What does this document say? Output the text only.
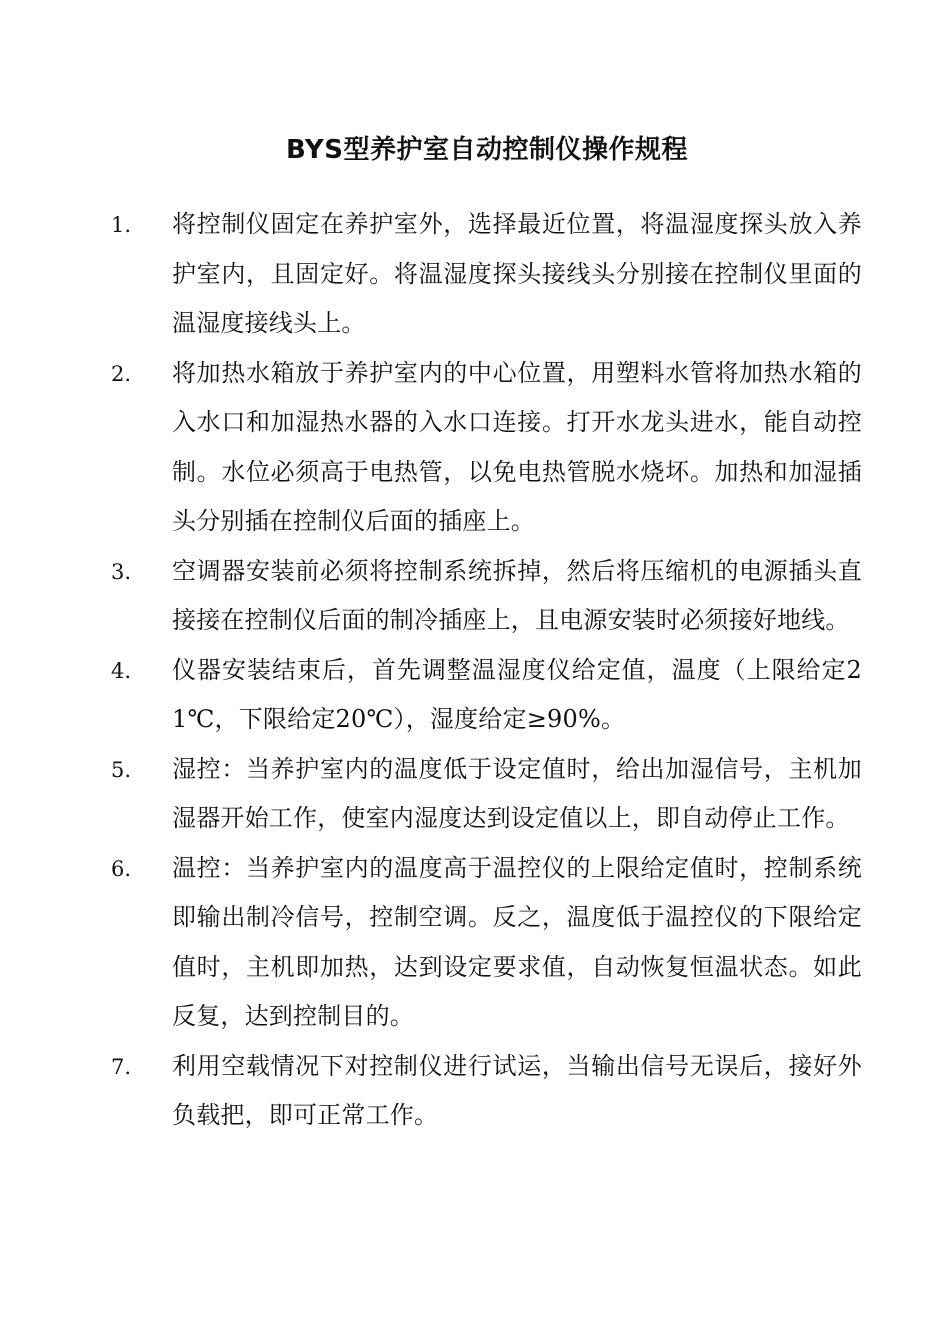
BYS型养护室自动控制仪操作规程
1.	将控制仪固定在养护室外，选择最近位置，将温湿度探头放入养护室内，且固定好。将温湿度探头接线头分别接在控制仪里面的温湿度接线头上。
2.	将加热水箱放于养护室内的中心位置，用塑料水管将加热水箱的入水口和加湿热水器的入水口连接。打开水龙头进水，能自动控制。水位必须高于电热管，以免电热管脱水烧坏。加热和加湿插头分别插在控制仪后面的插座上。
3.	空调器安装前必须将控制系统拆掉，然后将压缩机的电源插头直接接在控制仪后面的制冷插座上，且电源安装时必须接好地线。
4.	仪器安装结束后，首先调整温湿度仪给定值，温度（上限给定21℃，下限给定20℃），湿度给定≥90%。
5.	湿控：当养护室内的温度低于设定值时，给出加湿信号，主机加湿器开始工作，使室内湿度达到设定值以上，即自动停止工作。
6.	温控：当养护室内的温度高于温控仪的上限给定值时，控制系统即输出制冷信号，控制空调。反之，温度低于温控仪的下限给定值时，主机即加热，达到设定要求值，自动恢复恒温状态。如此反复，达到控制目的。
7.	利用空载情况下对控制仪进行试运，当输出信号无误后，接好外负载把，即可正常工作。
